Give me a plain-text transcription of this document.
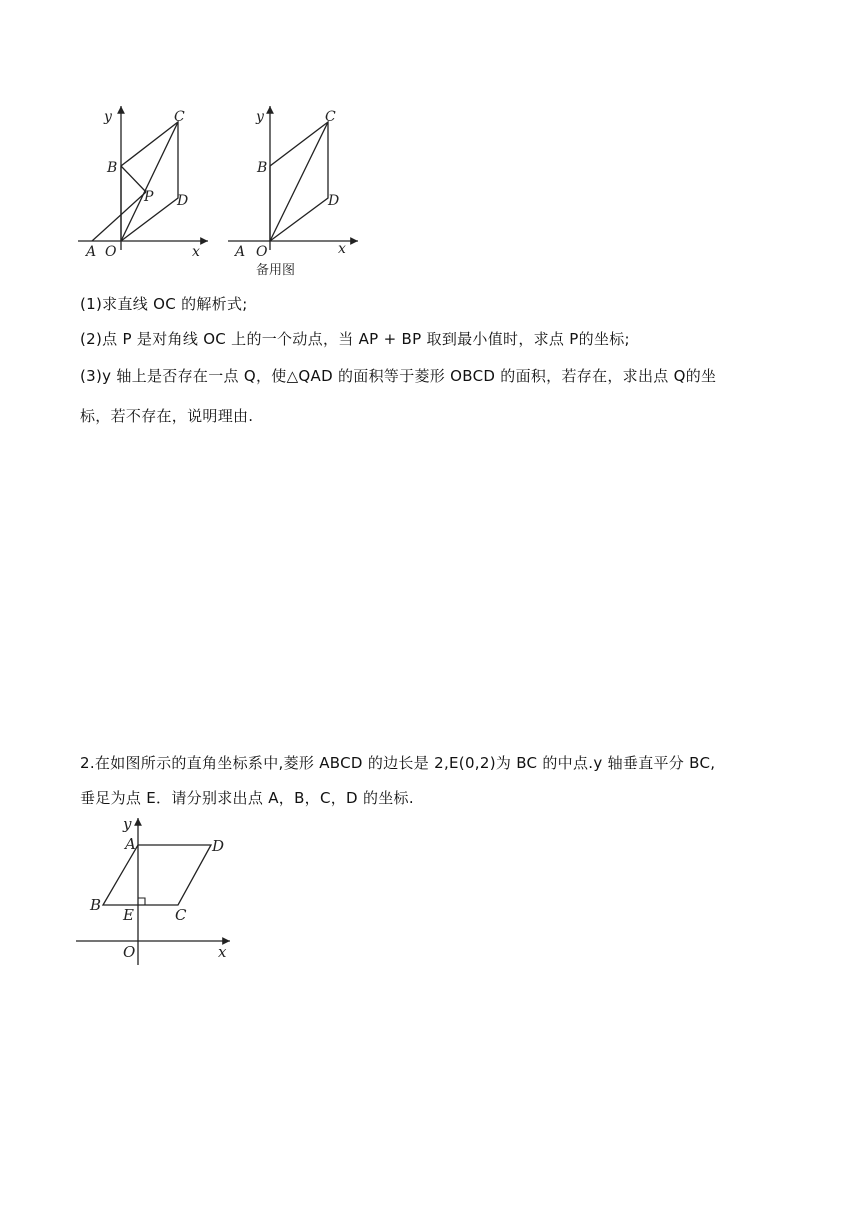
y	C
B
P D
A O	x
y	C
B
D
A O	x
备用图
(1)求直线 OC 的解析式;
(2)点 P 是对角线 OC 上的一个动点，当 AP + BP 取到最小值时，求点 P的坐标;
(3)y 轴上是否存在一点 Q，使△QAD 的面积等于菱形 OBCD 的面积，若存在，求出点 Q的坐
标，若不存在，说明理由.
2.在如图所示的直角坐标系中,菱形 ABCD 的边长是 2,E(0,2)为 BC 的中点.y 轴垂直平分 BC,
垂足为点 E．请分别求出点 A，B，C，D 的坐标.
y
A	D
B
E	C
O	x
